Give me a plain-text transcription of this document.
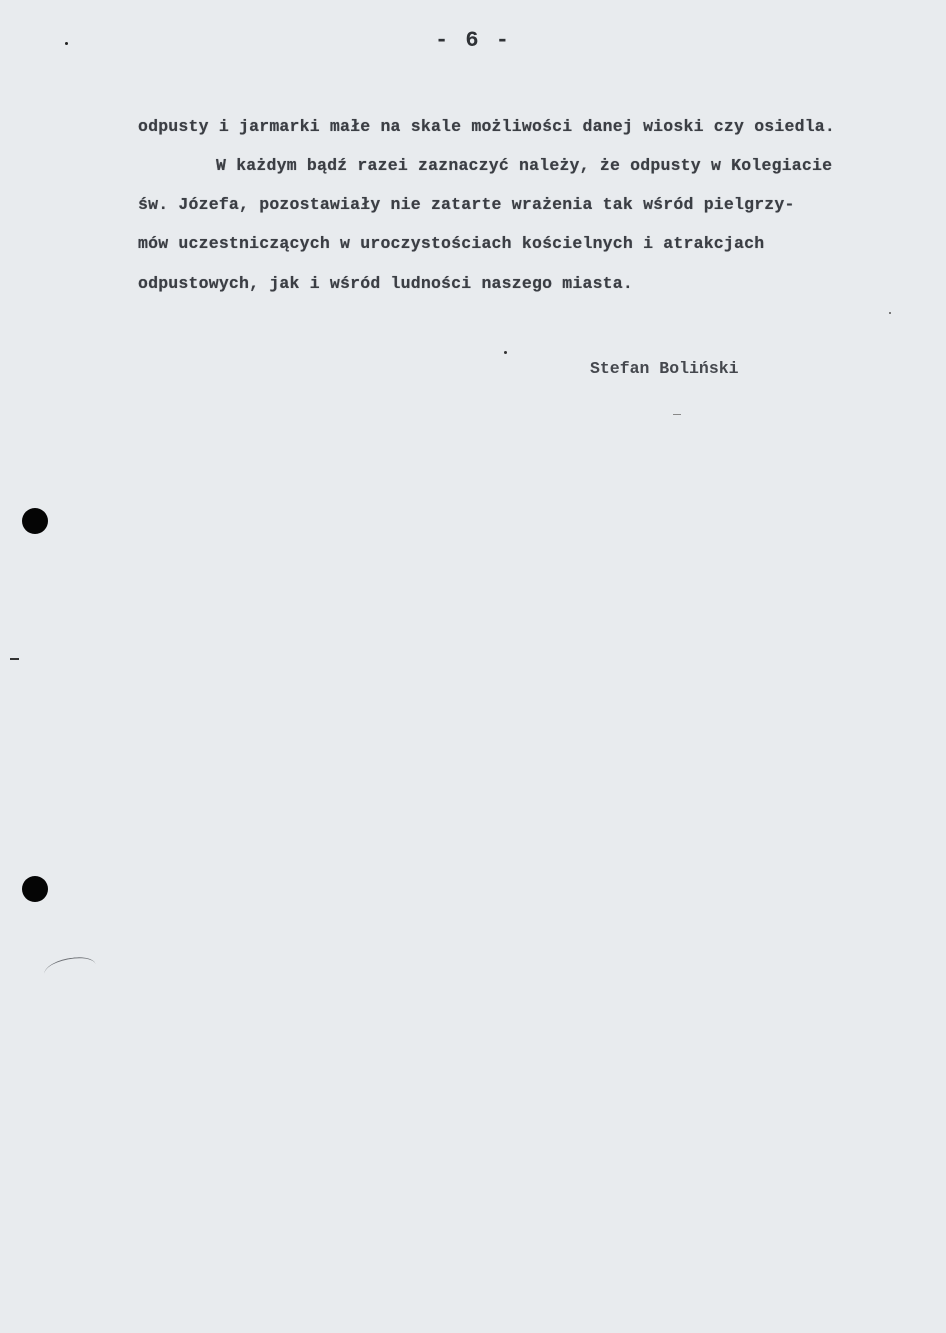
- 6 -
odpusty i jarmarki małe na skale możliwości danej wioski czy osiedla.
W każdym bądź razei zaznaczyć należy, że odpusty w Kolegiacie
św. Józefa, pozostawiały nie zatarte wrażenia tak wśród pielgrzy-
mów uczestniczących w uroczystościach kościelnych i atrakcjach
odpustowych, jak i wśród ludności naszego miasta.
Stefan Boliński
